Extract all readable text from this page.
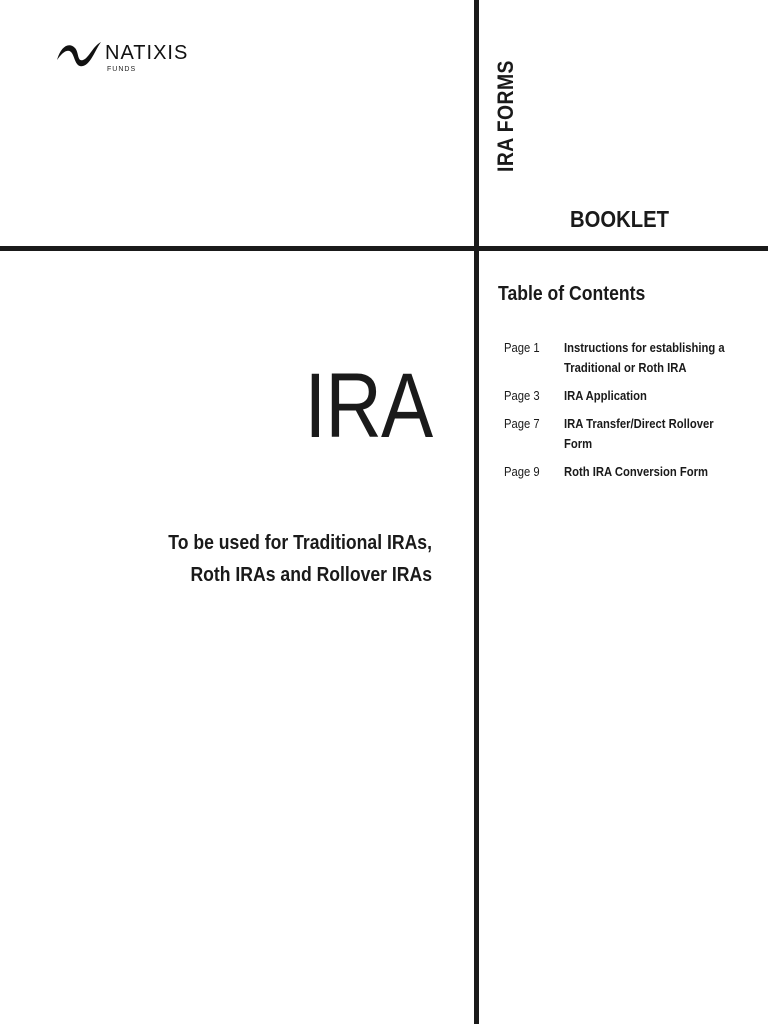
NATIXIS
FUNDS	IRA FORMS
BOOKLET
IRA
To be used for Traditional IRAs,
Roth IRAs and Rollover IRAs
Table of Contents
Page 1	Instructions for establishing a Traditional or Roth IRA
Page 3	IRA Application
Page 7	IRA Transfer/Direct Rollover Form
Page 9	Roth IRA Conversion Form
